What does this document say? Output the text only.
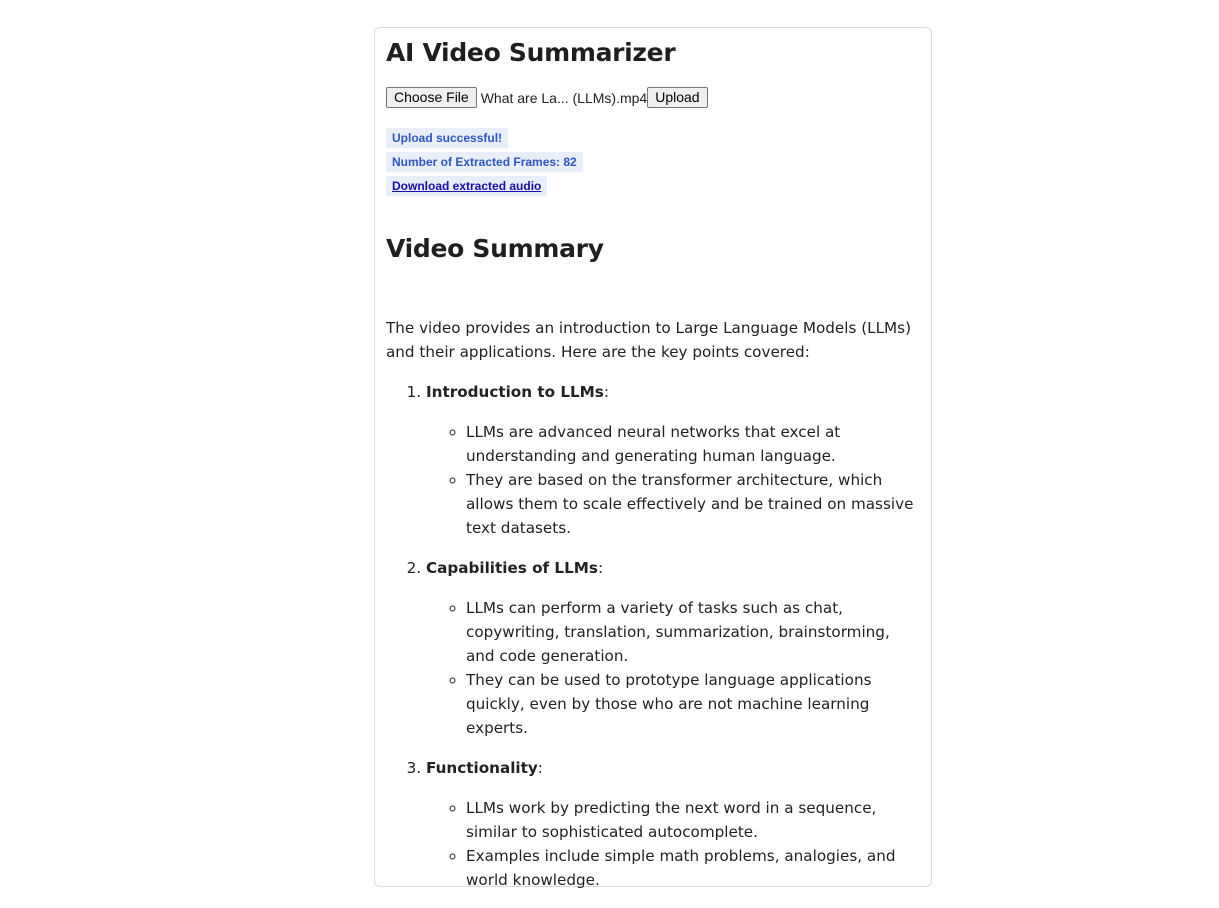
AI Video Summarizer
Choose File What are La... (LLMs).mp4 Upload
Upload successful!
Number of Extracted Frames: 82
Download extracted audio
Video Summary

The video provides an introduction to Large Language Models (LLMs) and their applications. Here are the key points covered:

1. Introduction to LLMs:
◦ LLMs are advanced neural networks that excel at understanding and generating human language.
◦ They are based on the transformer architecture, which allows them to scale effectively and be trained on massive text datasets.
2. Capabilities of LLMs:
◦ LLMs can perform a variety of tasks such as chat, copywriting, translation, summarization, brainstorming, and code generation.
◦ They can be used to prototype language applications quickly, even by those who are not machine learning experts.
3. Functionality:
◦ LLMs work by predicting the next word in a sequence, similar to sophisticated autocomplete.
◦ Examples include simple math problems, analogies, and world knowledge.
